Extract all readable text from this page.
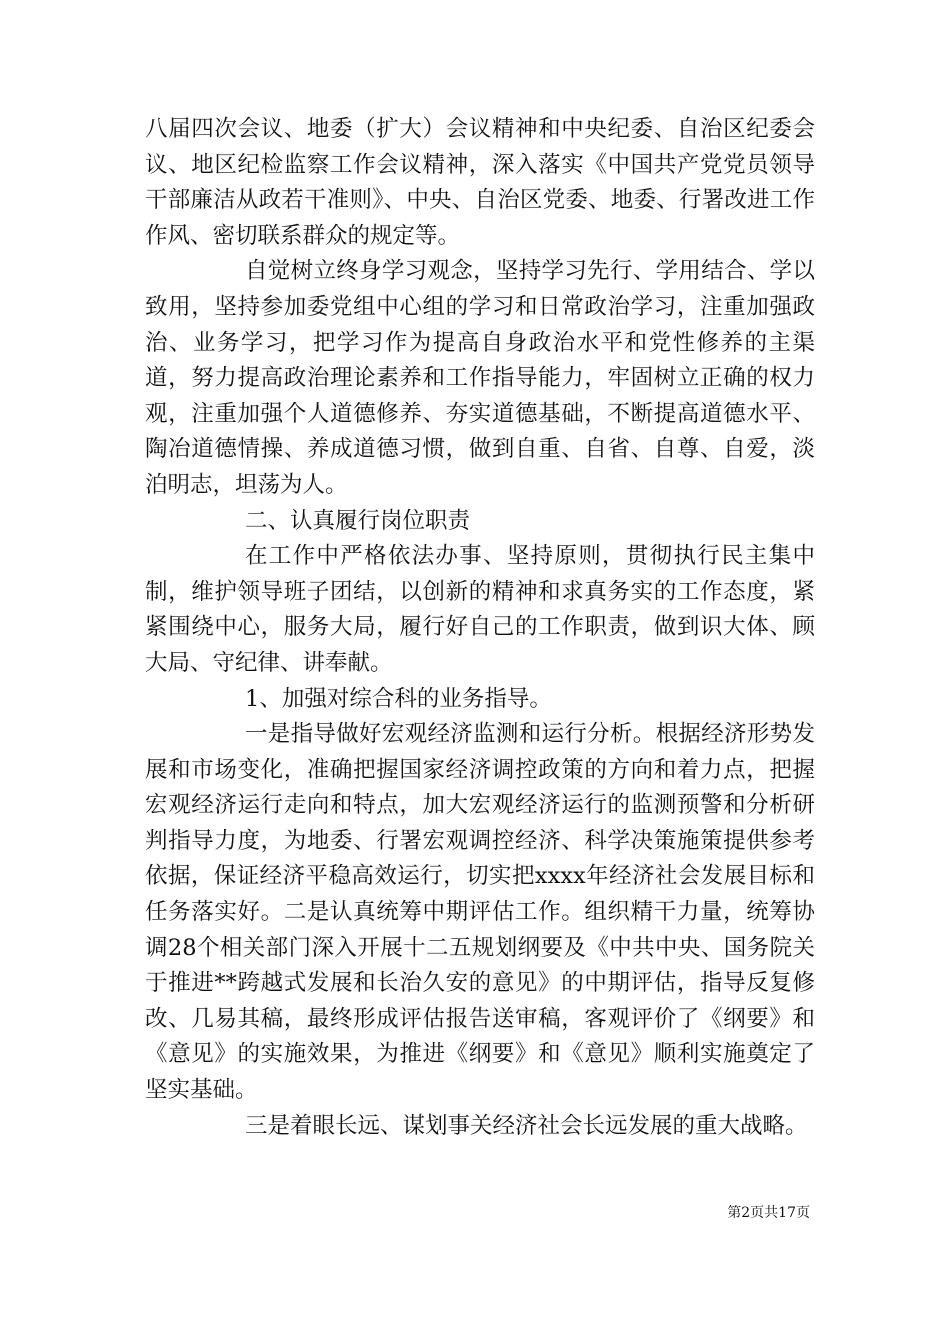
八届四次会议、地委（扩大）会议精神和中央纪委、自治区纪委会议、地区纪检监察工作会议精神，深入落实《中国共产党党员领导干部廉洁从政若干准则》、中央、自治区党委、地委、行署改进工作作风、密切联系群众的规定等。

自觉树立终身学习观念，坚持学习先行、学用结合、学以致用，坚持参加委党组中心组的学习和日常政治学习，注重加强政治、业务学习，把学习作为提高自身政治水平和党性修养的主渠道，努力提高政治理论素养和工作指导能力，牢固树立正确的权力观，注重加强个人道德修养、夯实道德基础，不断提高道德水平、陶冶道德情操、养成道德习惯，做到自重、自省、自尊、自爱，淡泊明志，坦荡为人。

二、认真履行岗位职责

在工作中严格依法办事、坚持原则，贯彻执行民主集中制，维护领导班子团结，以创新的精神和求真务实的工作态度，紧紧围绕中心，服务大局，履行好自己的工作职责，做到识大体、顾大局、守纪律、讲奉献。

1、加强对综合科的业务指导。

一是指导做好宏观经济监测和运行分析。根据经济形势发展和市场变化，准确把握国家经济调控政策的方向和着力点，把握宏观经济运行走向和特点，加大宏观经济运行的监测预警和分析研判指导力度，为地委、行署宏观调控经济、科学决策施策提供参考依据，保证经济平稳高效运行，切实把xxxx年经济社会发展目标和任务落实好。二是认真统筹中期评估工作。组织精干力量，统筹协调28个相关部门深入开展十二五规划纲要及《中共中央、国务院关于推进**跨越式发展和长治久安的意见》的中期评估，指导反复修改、几易其稿，最终形成评估报告送审稿，客观评价了《纲要》和《意见》的实施效果，为推进《纲要》和《意见》顺利实施奠定了坚实基础。

三是着眼长远、谋划事关经济社会长远发展的重大战略。

第2页共17页
